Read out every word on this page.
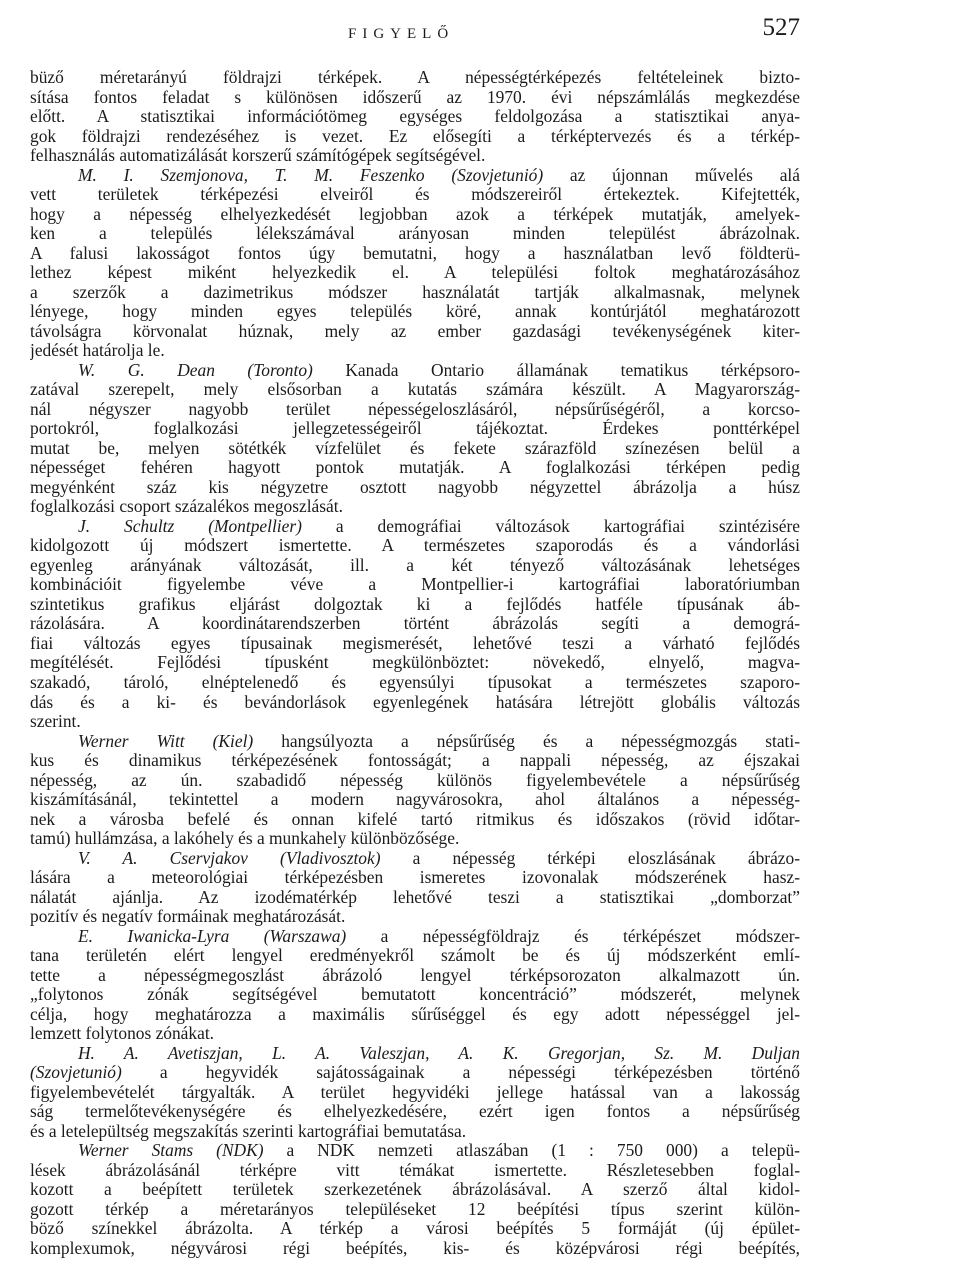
FIGYELŐ	527
büző méretarányú földrajzi térképek. A népességtérképezés feltételeinek bizto-
sítása fontos feladat s különösen időszerű az 1970. évi népszámlálás megkezdése
előtt. A statisztikai információtömeg egységes feldolgozása a statisztikai anya-
gok földrajzi rendezéséhez is vezet. Ez elősegíti a térképtervezés és a térkép-
felhasználás automatizálását korszerű számítógépek segítségével.
M. I. Szemjonova, T. M. Feszenko (Szovjetunió) az újonnan művelés alá
vett területek térképezési elveiről és módszereiről értekeztek. Kifejtették,
hogy a népesség elhelyezkedését legjobban azok a térképek mutatják, amelyek-
ken a település lélekszámával arányosan minden települést ábrázolnak.
A falusi lakosságot fontos úgy bemutatni, hogy a használatban levő földterü-
lethez képest miként helyezkedik el. A települési foltok meghatározásához
a szerzők a dazimetrikus módszer használatát tartják alkalmasnak, melynek
lényege, hogy minden egyes település köré, annak kontúrjától meghatározott
távolságra körvonalat húznak, mely az ember gazdasági tevékenységének kiter-
jedését határolja le.
W. G. Dean (Toronto) Kanada Ontario államának tematikus térképsoro-
zatával szerepelt, mely elsősorban a kutatás számára készült. A Magyarország-
nál négyszer nagyobb terület népességeloszlásáról, népsűrűségéről, a korcso-
portokról, foglalkozási jellegzetességeiről tájékoztat. Érdekes ponttérképel
mutat be, melyen sötétkék vízfelület és fekete szárazföld színezésen belül a
népességet fehéren hagyott pontok mutatják. A foglalkozási térképen pedig
megyénként száz kis négyzetre osztott nagyobb négyzettel ábrázolja a húsz
foglalkozási csoport százalékos megoszlását.
J. Schultz (Montpellier) a demográfiai változások kartográfiai szintézisére
kidolgozott új módszert ismertette. A természetes szaporodás és a vándorlási
egyenleg arányának változását, ill. a két tényező változásának lehetséges
kombinációit figyelembe véve a Montpellier-i kartográfiai laboratóriumban
szintetikus grafikus eljárást dolgoztak ki a fejlődés hatféle típusának áb-
rázolására. A koordinátarendszerben történt ábrázolás segíti a demográ-
fiai változás egyes típusainak megismerését, lehetővé teszi a várható fejlődés
megítélését. Fejlődési típusként megkülönböztet: növekedő, elnyelő, magva-
szakadó, tároló, elnéptelenedő és egyensúlyi típusokat a természetes szaporo-
dás és a ki- és bevándorlások egyenlegének hatására létrejött globális változás
szerint.
Werner Witt (Kiel) hangsúlyozta a népsűrűség és a népességmozgás stati-
kus és dinamikus térképezésének fontosságát; a nappali népesség, az éjszakai
népesség, az ún. szabadidő népesség különös figyelembevétele a népsűrűség
kiszámításánál, tekintettel a modern nagyvárosokra, ahol általános a népesség-
nek a városba befelé és onnan kifelé tartó ritmikus és időszakos (rövid időtar-
tamú) hullámzása, a lakóhely és a munkahely különbözősége.
V. A. Cservjakov (Vladivosztok) a népesség térképi eloszlásának ábrázo-
lására a meteorológiai térképezésben ismeretes izovonalak módszerének hasz-
nálatát ajánlja. Az izodématérkép lehetővé teszi a statisztikai „domborzat”
pozitív és negatív formáinak meghatározását.
E. Iwanicka-Lyra (Warszawa) a népességföldrajz és térképészet módszer-
tana területén elért lengyel eredményekről számolt be és új módszerként emlí-
tette a népességmegoszlást ábrázoló lengyel térképsorozaton alkalmazott ún.
„folytonos zónák segítségével bemutatott koncentráció” módszerét, melynek
célja, hogy meghatározza a maximális sűrűséggel és egy adott népességgel jel-
lemzett folytonos zónákat.
H. A. Avetiszjan, L. A. Valeszjan, A. K. Gregorjan, Sz. M. Duljan
(Szovjetunió) a hegyvidék sajátosságainak a népességi térképezésben történő
figyelembevételét tárgyalták. A terület hegyvidéki jellege hatással van a lakosság
ság termelőtevékenységére és elhelyezkedésére, ezért igen fontos a népsűrűség
és a letelepültség megszakítás szerinti kartográfiai bemutatása.
Werner Stams (NDK) a NDK nemzeti atlaszában (1 : 750 000) a telepü-
lések ábrázolásánál térképre vitt témákat ismertette. Részletesebben foglal-
kozott a beépített területek szerkezetének ábrázolásával. A szerző által kidol-
gozott térkép a méretarányos településeket 12 beépítési típus szerint külön-
böző színekkel ábrázolta. A térkép a városi beépítés 5 formáját (új épület-
komplexumok, négyvárosi régi beépítés, kis- és középvárosi régi beépítés,
